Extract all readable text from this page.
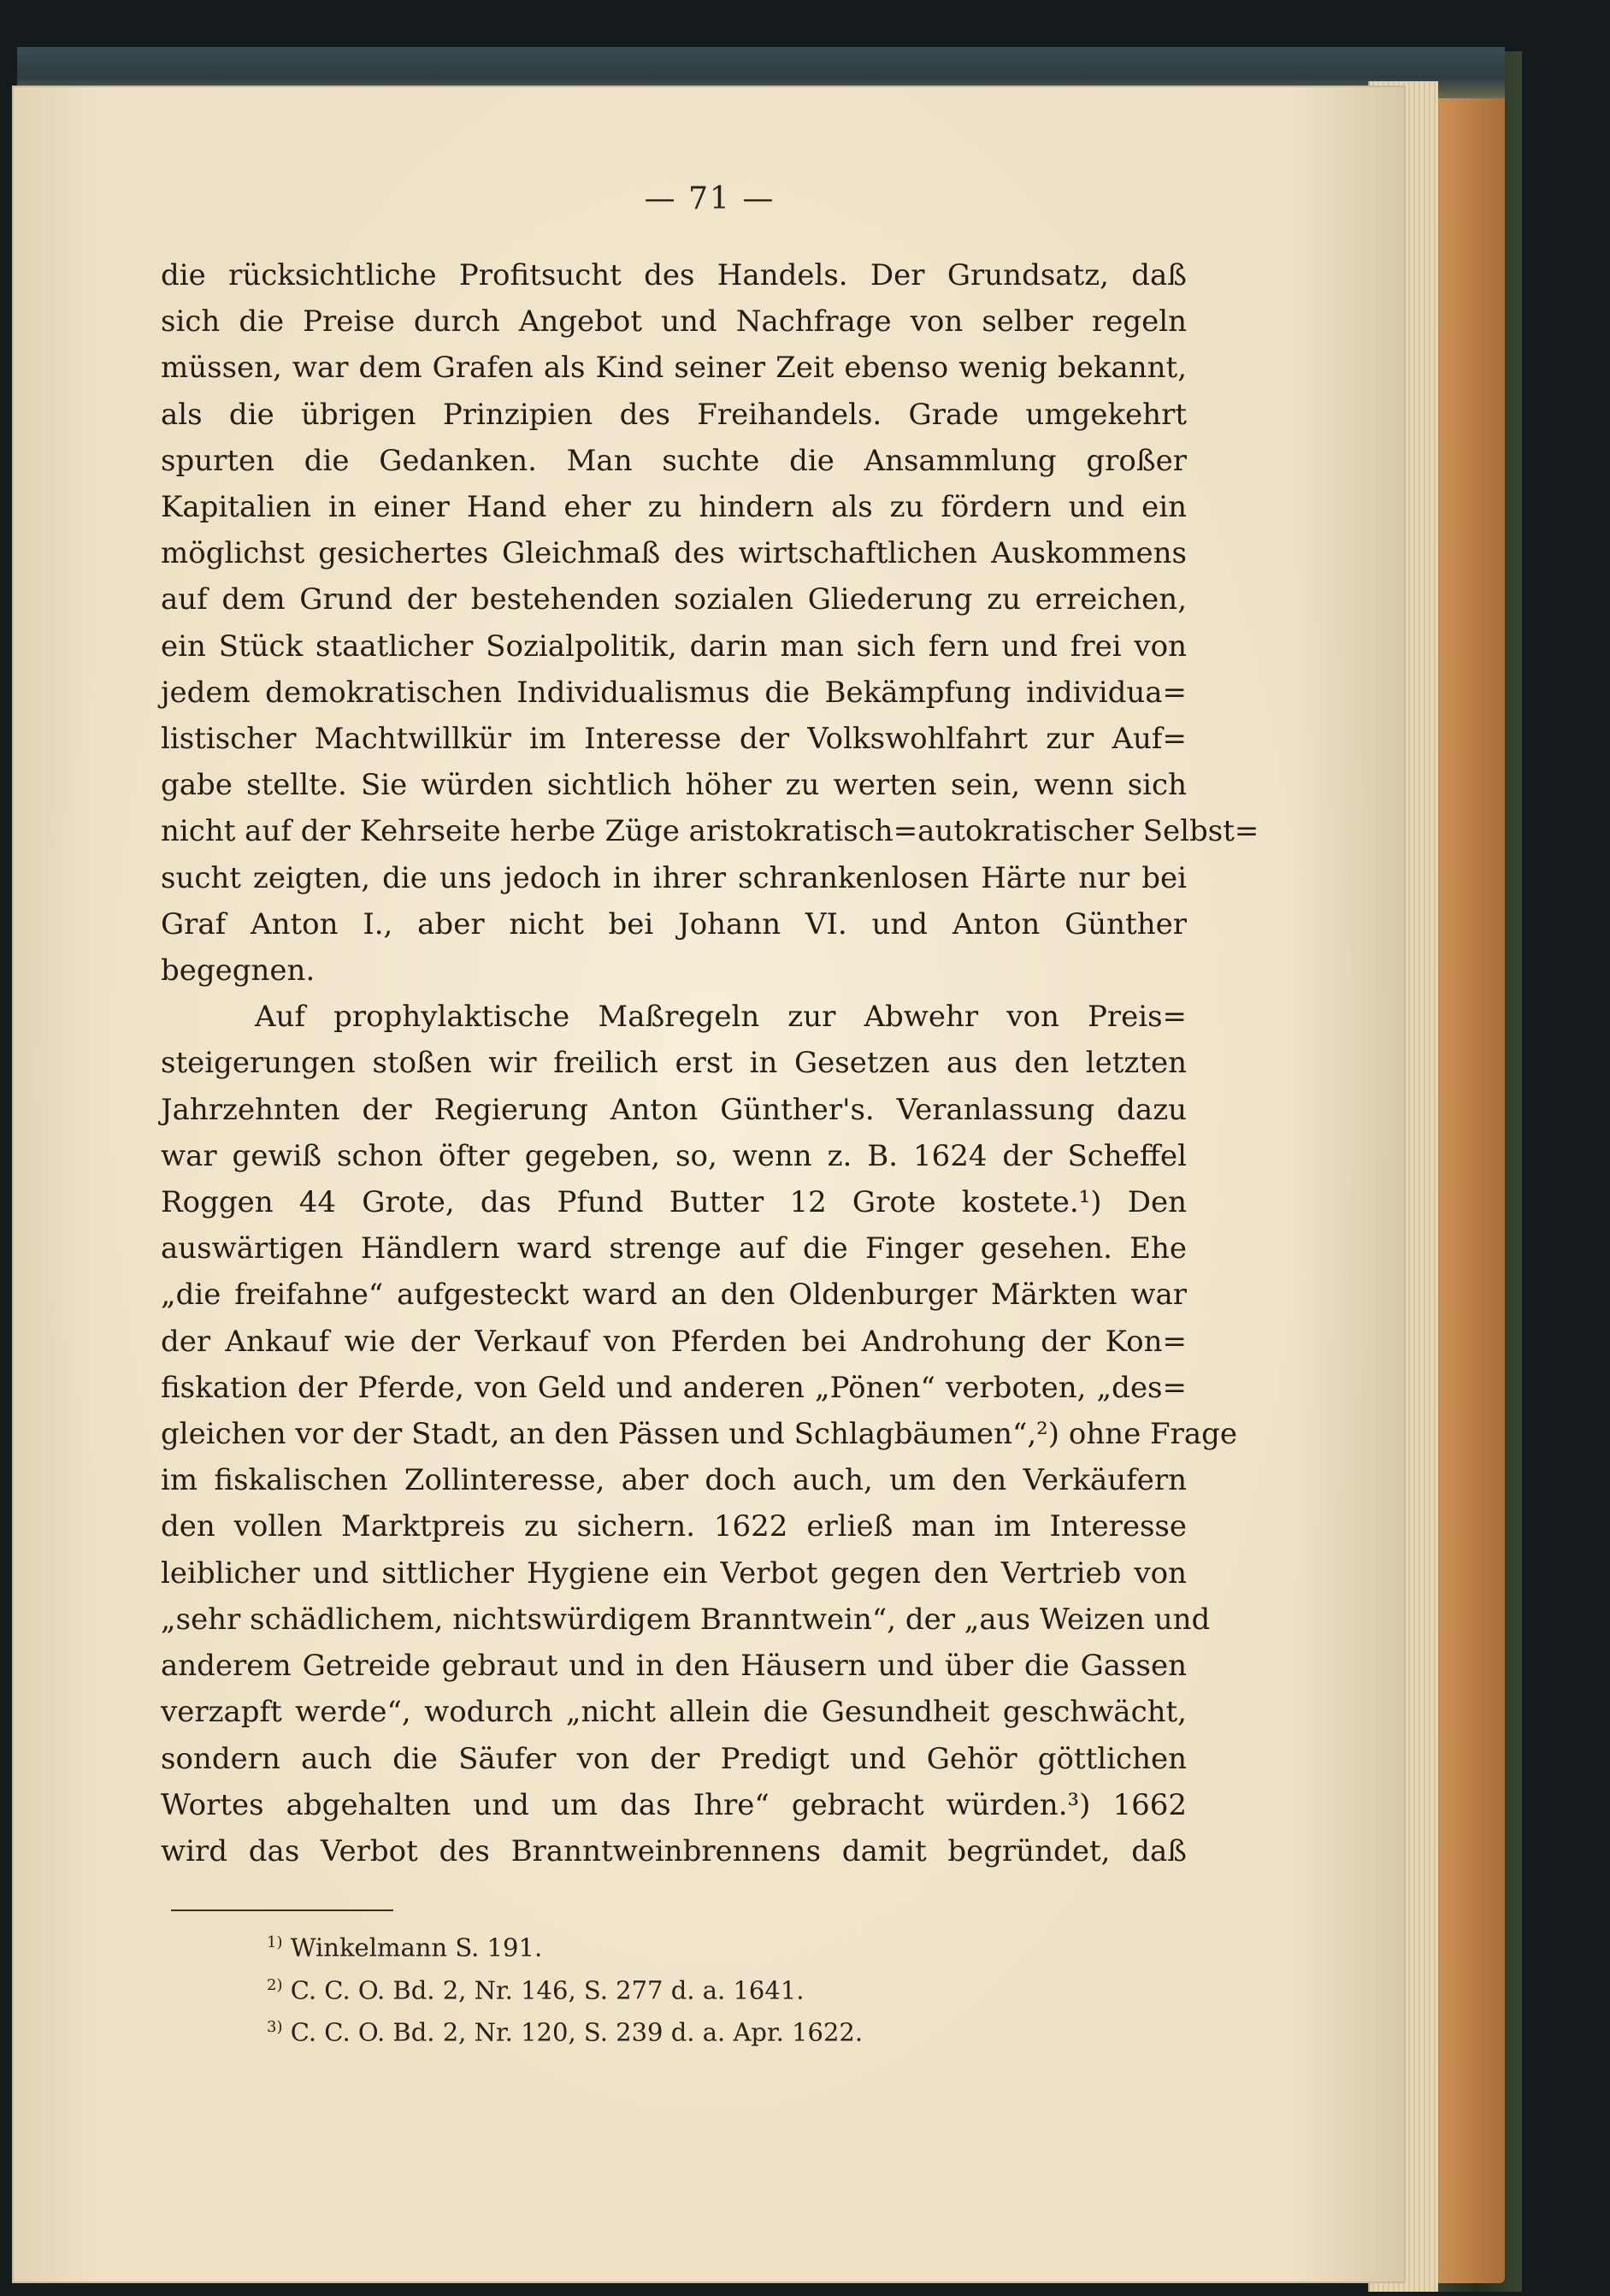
— 71 —
die rücksichtliche Profitsucht des Handels. Der Grundsatz, daß
sich die Preise durch Angebot und Nachfrage von selber regeln
müssen, war dem Grafen als Kind seiner Zeit ebenso wenig bekannt,
als die übrigen Prinzipien des Freihandels. Grade umgekehrt
spurten die Gedanken. Man suchte die Ansammlung großer
Kapitalien in einer Hand eher zu hindern als zu fördern und ein
möglichst gesichertes Gleichmaß des wirtschaftlichen Auskommens
auf dem Grund der bestehenden sozialen Gliederung zu erreichen,
ein Stück staatlicher Sozialpolitik, darin man sich fern und frei von
jedem demokratischen Individualismus die Bekämpfung individua=
listischer Machtwillkür im Interesse der Volkswohlfahrt zur Auf=
gabe stellte. Sie würden sichtlich höher zu werten sein, wenn sich
nicht auf der Kehrseite herbe Züge aristokratisch=autokratischer Selbst=
sucht zeigten, die uns jedoch in ihrer schrankenlosen Härte nur bei
Graf Anton I., aber nicht bei Johann VI. und Anton Günther
begegnen.
Auf prophylaktische Maßregeln zur Abwehr von Preis=
steigerungen stoßen wir freilich erst in Gesetzen aus den letzten
Jahrzehnten der Regierung Anton Günther's. Veranlassung dazu
war gewiß schon öfter gegeben, so, wenn z. B. 1624 der Scheffel
Roggen 44 Grote, das Pfund Butter 12 Grote kostete.¹) Den
auswärtigen Händlern ward strenge auf die Finger gesehen. Ehe
„die freifahne“ aufgesteckt ward an den Oldenburger Märkten war
der Ankauf wie der Verkauf von Pferden bei Androhung der Kon=
fiskation der Pferde, von Geld und anderen „Pönen“ verboten, „des=
gleichen vor der Stadt, an den Pässen und Schlagbäumen“,²) ohne Frage
im fiskalischen Zollinteresse, aber doch auch, um den Verkäufern
den vollen Marktpreis zu sichern. 1622 erließ man im Interesse
leiblicher und sittlicher Hygiene ein Verbot gegen den Vertrieb von
„sehr schädlichem, nichtswürdigem Branntwein“, der „aus Weizen und
anderem Getreide gebraut und in den Häusern und über die Gassen
verzapft werde“, wodurch „nicht allein die Gesundheit geschwächt,
sondern auch die Säufer von der Predigt und Gehör göttlichen
Wortes abgehalten und um das Ihre“ gebracht würden.³) 1662
wird das Verbot des Branntweinbrennens damit begründet, daß
$^{1)}$ Winkelmann S. 191.
$^{2)}$ C. C. O. Bd. 2, Nr. 146, S. 277 d. a. 1641.
$^{3)}$ C. C. O. Bd. 2, Nr. 120, S. 239 d. a. Apr. 1622.
